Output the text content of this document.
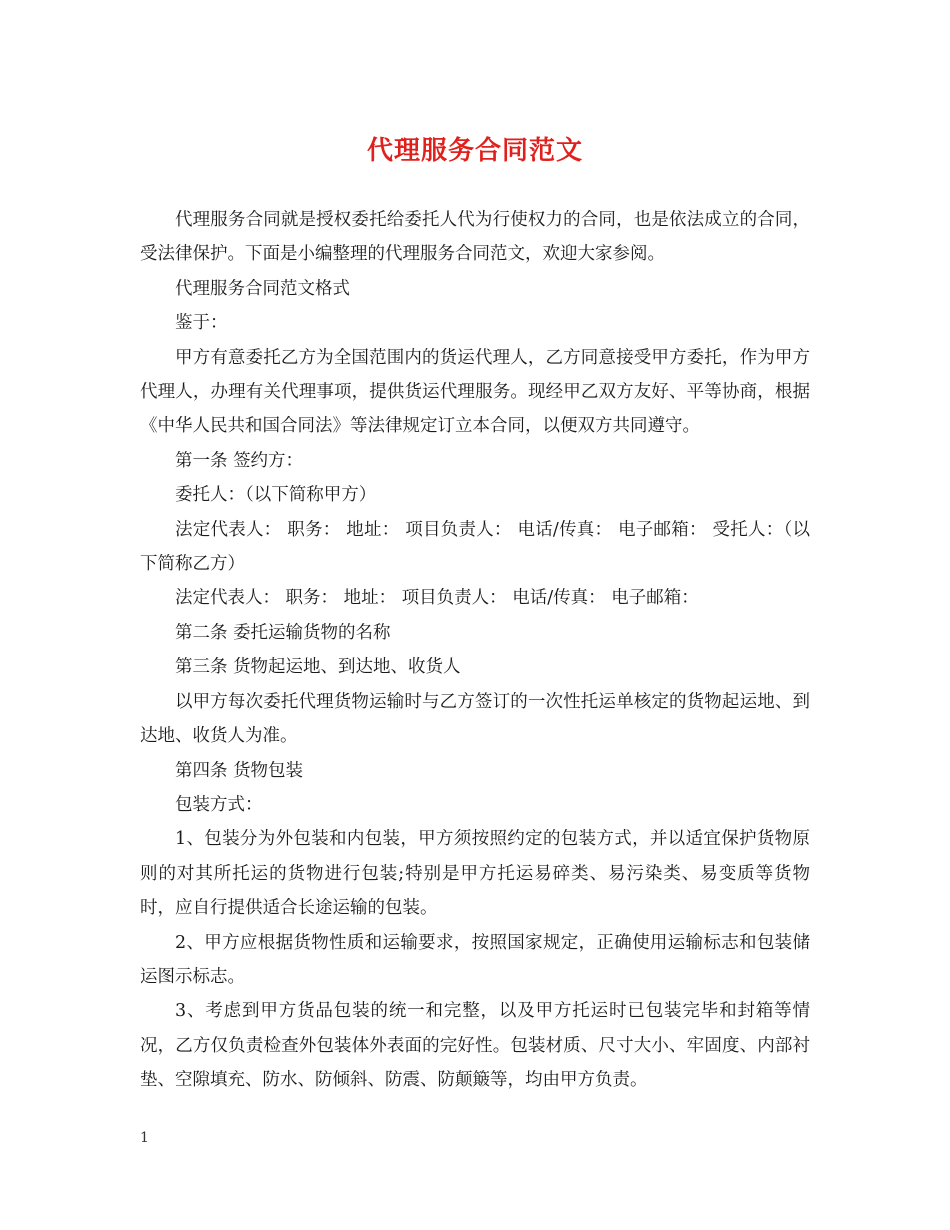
代理服务合同范文

代理服务合同就是授权委托给委托人代为行使权力的合同，也是依法成立的合同，受法律保护。下面是小编整理的代理服务合同范文，欢迎大家参阅。

代理服务合同范文格式

鉴于：

甲方有意委托乙方为全国范围内的货运代理人，乙方同意接受甲方委托，作为甲方代理人，办理有关代理事项，提供货运代理服务。现经甲乙双方友好、平等协商，根据《中华人民共和国合同法》等法律规定订立本合同，以便双方共同遵守。

第一条 签约方：

委托人：（以下简称甲方）

法定代表人： 职务： 地址： 项目负责人： 电话/传真： 电子邮箱： 受托人：（以下简称乙方）

法定代表人： 职务： 地址： 项目负责人： 电话/传真： 电子邮箱：

第二条 委托运输货物的名称

第三条 货物起运地、到达地、收货人

以甲方每次委托代理货物运输时与乙方签订的一次性托运单核定的货物起运地、到达地、收货人为准。

第四条 货物包装

包装方式：

1、包装分为外包装和内包装，甲方须按照约定的包装方式，并以适宜保护货物原则的对其所托运的货物进行包装;特别是甲方托运易碎类、易污染类、易变质等货物时，应自行提供适合长途运输的包装。

2、甲方应根据货物性质和运输要求，按照国家规定，正确使用运输标志和包装储运图示标志。

3、考虑到甲方货品包装的统一和完整，以及甲方托运时已包装完毕和封箱等情况，乙方仅负责检查外包装体外表面的完好性。包装材质、尺寸大小、牢固度、内部衬垫、空隙填充、防水、防倾斜、防震、防颠簸等，均由甲方负责。

1
